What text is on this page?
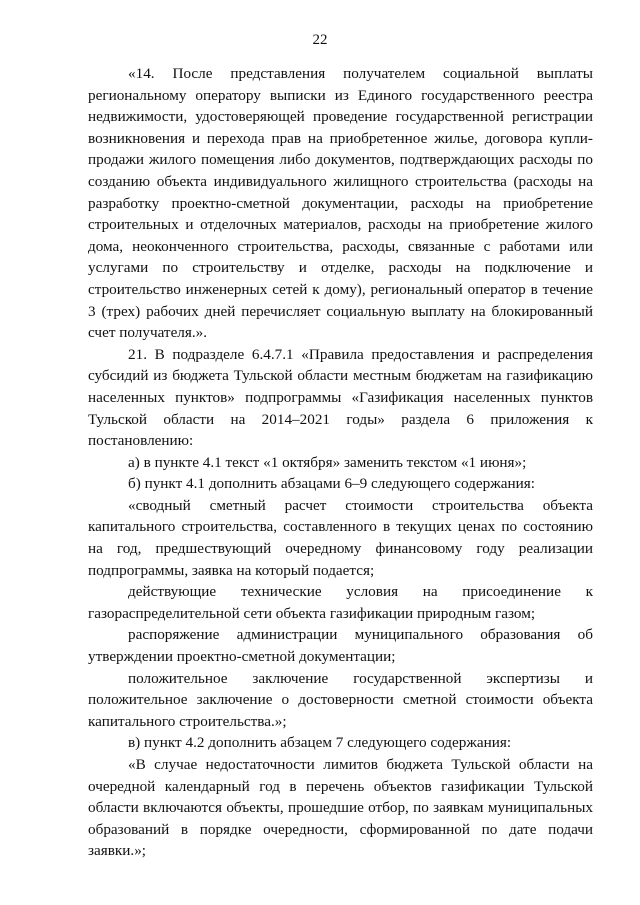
22

«14. После представления получателем социальной выплаты региональному оператору выписки из Единого государственного реестра недвижимости, удостоверяющей проведение государственной регистрации возникновения и перехода прав на приобретенное жилье, договора купли-продажи жилого помещения либо документов, подтверждающих расходы по созданию объекта индивидуального жилищного строительства (расходы на разработку проектно-сметной документации, расходы на приобретение строительных и отделочных материалов, расходы на приобретение жилого дома, неоконченного строительства, расходы, связанные с работами или услугами по строительству и отделке, расходы на подключение и строительство инженерных сетей к дому), региональный оператор в течение 3 (трех) рабочих дней перечисляет социальную выплату на блокированный счет получателя.».

21. В подразделе 6.4.7.1 «Правила предоставления и распределения субсидий из бюджета Тульской области местным бюджетам на газификацию населенных пунктов» подпрограммы «Газификация населенных пунктов Тульской области на 2014–2021 годы» раздела 6 приложения к постановлению:

а) в пункте 4.1 текст «1 октября» заменить текстом «1 июня»;

б) пункт 4.1 дополнить абзацами 6–9 следующего содержания:

«сводный сметный расчет стоимости строительства объекта капитального строительства, составленного в текущих ценах по состоянию на год, предшествующий очередному финансовому году реализации подпрограммы, заявка на который подается;

действующие технические условия на присоединение к газораспределительной сети объекта газификации природным газом;

распоряжение администрации муниципального образования об утверждении проектно-сметной документации;

положительное заключение государственной экспертизы и положительное заключение о достоверности сметной стоимости объекта капитального строительства.»;

в) пункт 4.2 дополнить абзацем 7 следующего содержания:

«В случае недостаточности лимитов бюджета Тульской области на очередной календарный год в перечень объектов газификации Тульской области включаются объекты, прошедшие отбор, по заявкам муниципальных образований в порядке очередности, сформированной по дате подачи заявки.»;
